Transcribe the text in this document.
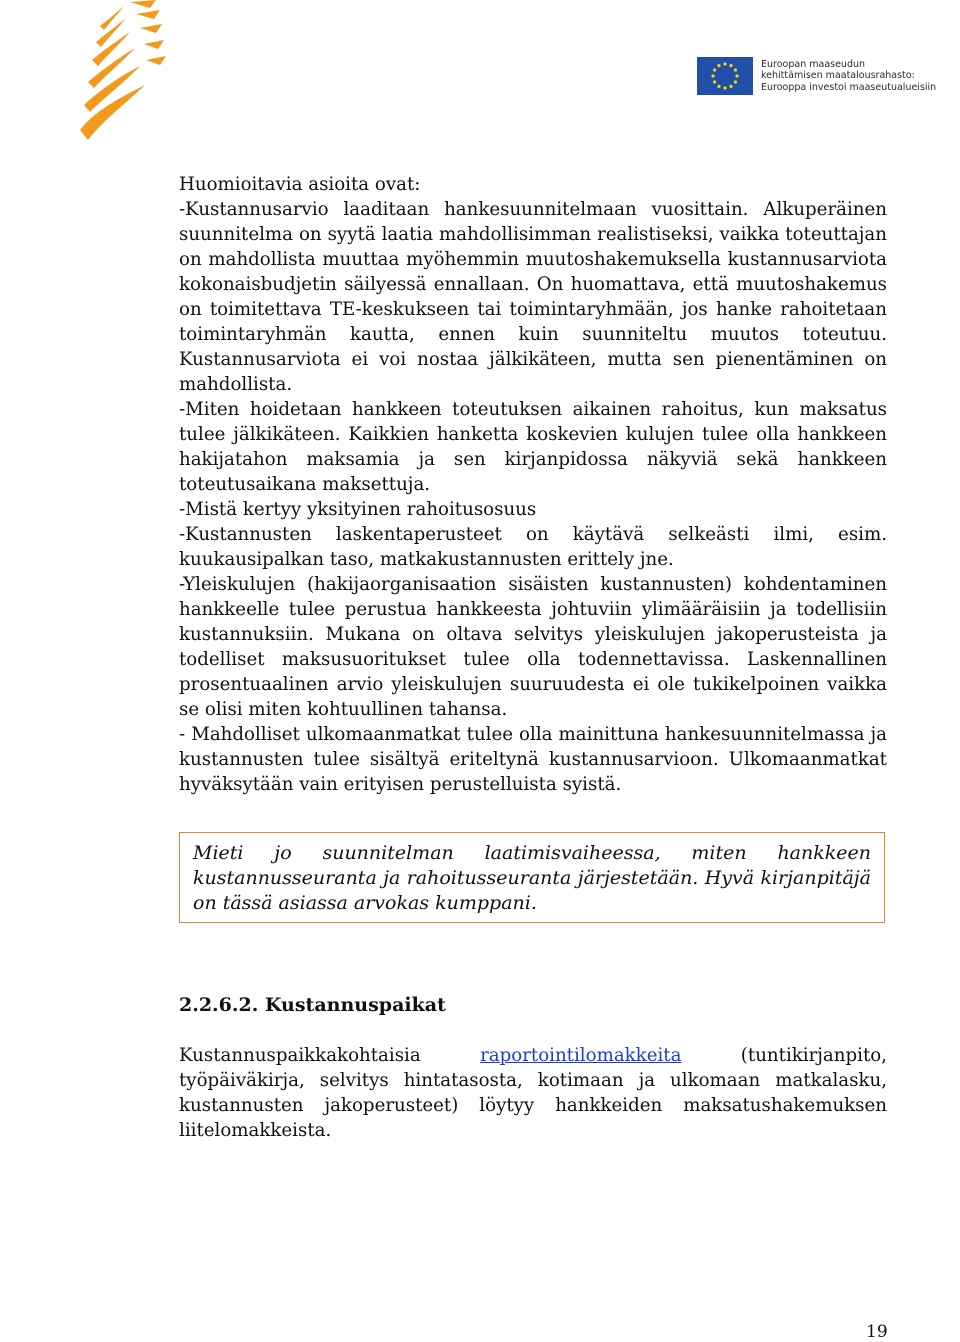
Euroopan maaseudun
kehittämisen maatalousrahasto:
Eurooppa investoi maaseutualueisiin

Huomioitavia asioita ovat:

-Kustannusarvio laaditaan hankesuunnitelmaan vuosittain. Alkuperäinen suunnitelma on syytä laatia mahdollisimman realistiseksi, vaikka toteuttajan on mahdollista muuttaa myöhemmin muutoshakemuksella kustannusarviota kokonaisbudjetin säilyessä ennallaan. On huomattava, että muutoshakemus on toimitettava TE-keskukseen tai toimintaryhmään, jos hanke rahoitetaan toimintaryhmän kautta, ennen kuin suunniteltu muutos toteutuu. Kustannusarviota ei voi nostaa jälkikäteen, mutta sen pienentäminen on mahdollista.

-Miten hoidetaan hankkeen toteutuksen aikainen rahoitus, kun maksatus tulee jälkikäteen. Kaikkien hanketta koskevien kulujen tulee olla hankkeen hakijatahon maksamia ja sen kirjanpidossa näkyviä sekä hankkeen toteutusaikana maksettuja.

-Mistä kertyy yksityinen rahoitusosuus

-Kustannusten laskentaperusteet on käytävä selkeästi ilmi, esim. kuukausipalkan taso, matkakustannusten erittely jne.

-Yleiskulujen (hakijaorganisaation sisäisten kustannusten) kohdentaminen hankkeelle tulee perustua hankkeesta johtuviin ylimääräisiin ja todellisiin kustannuksiin. Mukana on oltava selvitys yleiskulujen jakoperusteista ja todelliset maksusuoritukset tulee olla todennettavissa. Laskennallinen prosentuaalinen arvio yleiskulujen suuruudesta ei ole tukikelpoinen vaikka se olisi miten kohtuullinen tahansa.

- Mahdolliset ulkomaanmatkat tulee olla mainittuna hankesuunnitelmassa ja kustannusten tulee sisältyä eriteltynä kustannusarvioon. Ulkomaanmatkat hyväksytään vain erityisen perustelluista syistä.

Mieti jo suunnitelman laatimisvaiheessa, miten hankkeen kustannusseuranta ja rahoitusseuranta järjestetään. Hyvä kirjanpitäjä on tässä asiassa arvokas kumppani.
2.2.6.2. Kustannuspaikat

Kustannuspaikkakohtaisia raportointilomakkeita (tuntikirjanpito, työpäiväkirja, selvitys hintatasosta, kotimaan ja ulkomaan matkalasku, kustannusten jakoperusteet) löytyy hankkeiden maksatushakemuksen liitelomakkeista.

19
